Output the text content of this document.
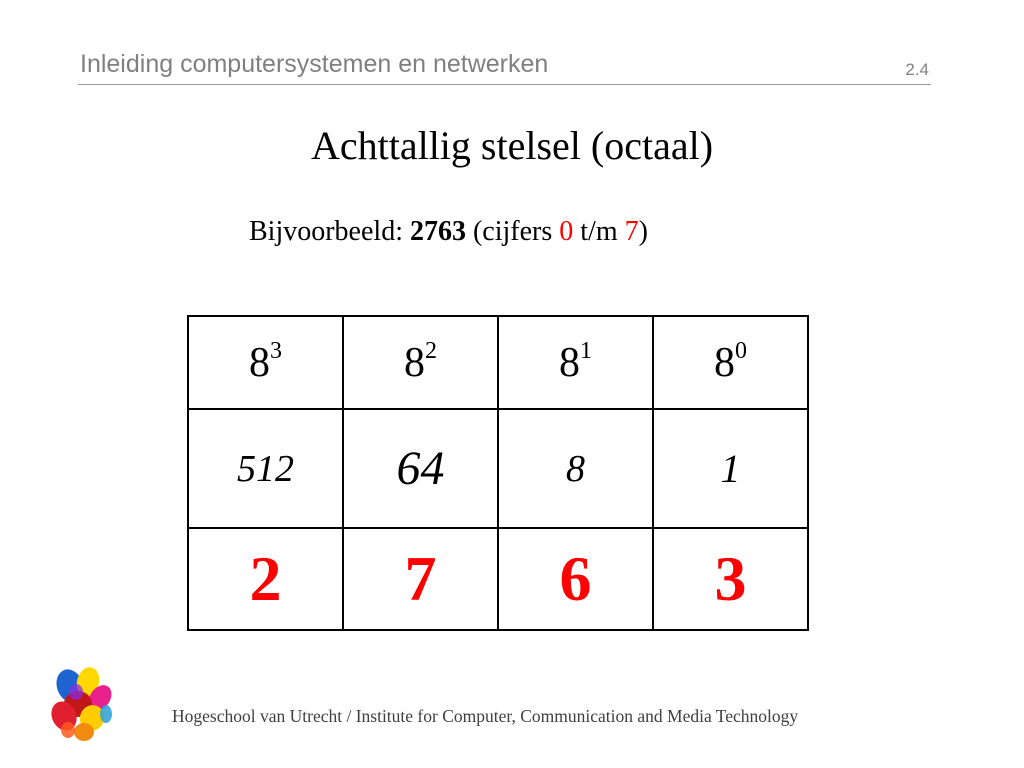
Inleiding computersystemen en netwerken	2.4
Achttallig stelsel (octaal)
Bijvoorbeeld: 2763 (cijfers 0 t/m 7)
$8^3$	$8^2$	$8^1$	$8^0$
512	64	8	1
2	7	6	3
Hogeschool van Utrecht / Institute for Computer, Communication and Media Technology
